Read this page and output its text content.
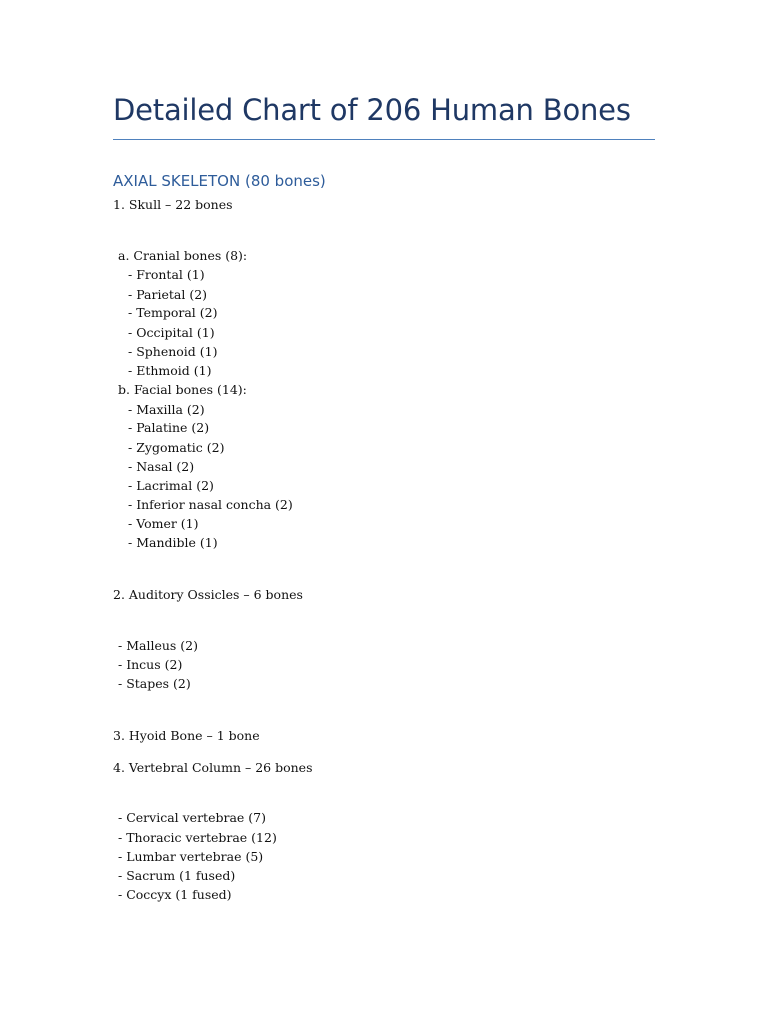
Detailed Chart of 206 Human Bones
AXIAL SKELETON (80 bones)

1. Skull – 22 bones

a. Cranial bones (8):

- Frontal (1)

- Parietal (2)

- Temporal (2)

- Occipital (1)

- Sphenoid (1)

- Ethmoid (1)

b. Facial bones (14):

- Maxilla (2)

- Palatine (2)

- Zygomatic (2)

- Nasal (2)

- Lacrimal (2)

- Inferior nasal concha (2)

- Vomer (1)

- Mandible (1)

2. Auditory Ossicles – 6 bones

- Malleus (2)

- Incus (2)

- Stapes (2)

3. Hyoid Bone – 1 bone

4. Vertebral Column – 26 bones

- Cervical vertebrae (7)

- Thoracic vertebrae (12)

- Lumbar vertebrae (5)

- Sacrum (1 fused)

- Coccyx (1 fused)
